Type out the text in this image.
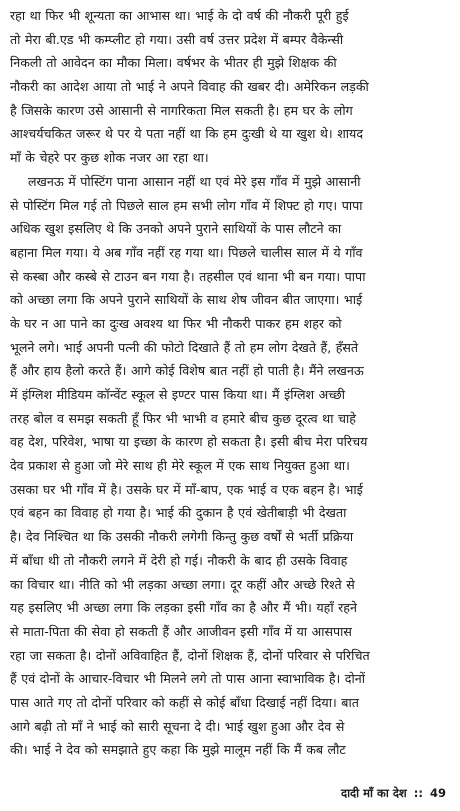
रहा था फिर भी शून्यता का आभास था। भाई के दो वर्ष की नौकरी पूरी हुई
तो मेरा बी.एड भी कम्प्लीट हो गया। उसी वर्ष उत्तर प्रदेश में बम्पर वैकेन्सी
निकली तो आवेदन का मौका मिला। वर्षभर के भीतर ही मुझे शिक्षक की
नौकरी का आदेश आया तो भाई ने अपने विवाह की खबर दी। अमेरिकन लड़की
है जिसके कारण उसे आसानी से नागरिकता मिल सकती है। हम घर के लोग
आश्चर्यचकित जरूर थे पर ये पता नहीं था कि हम दुःखी थे या खुश थे। शायद
माँ के चेहरे पर कुछ शोक नजर आ रहा था।
लखनऊ में पोस्टिंग पाना आसान नहीं था एवं मेरे इस गाँव में मुझे आसानी
से पोस्टिंग मिल गई तो पिछले साल हम सभी लोग गाँव में शिफ्ट हो गए। पापा
अधिक खुश इसलिए थे कि उनको अपने पुराने साथियों के पास लौटने का
बहाना मिल गया। ये अब गाँव नहीं रह गया था। पिछले चालीस साल में ये गाँव
से कस्बा और कस्बे से टाउन बन गया है। तहसील एवं थाना भी बन गया। पापा
को अच्छा लगा कि अपने पुराने साथियों के साथ शेष जीवन बीत जाएगा। भाई
के घर न आ पाने का दुःख अवश्य था फिर भी नौकरी पाकर हम शहर को
भूलने लगे। भाई अपनी पत्नी की फोटो दिखाते हैं तो हम लोग देखते हैं, हँसते
हैं और हाय हैलो करते हैं। आगे कोई विशेष बात नहीं हो पाती है। मैंने लखनऊ
में इंग्लिश मीडियम कॉन्वेंट स्कूल से इण्टर पास किया था। मैं इंग्लिश अच्छी
तरह बोल व समझ सकती हूँ फिर भी भाभी व हमारे बीच कुछ दूरत्व था चाहे
वह देश, परिवेश, भाषा या इच्छा के कारण हो सकता है। इसी बीच मेरा परिचय
देव प्रकाश से हुआ जो मेरे साथ ही मेरे स्कूल में एक साथ नियुक्त हुआ था।
उसका घर भी गाँव में है। उसके घर में माँ-बाप, एक भाई व एक बहन है। भाई
एवं बहन का विवाह हो गया है। भाई की दुकान है एवं खेतीबाड़ी भी देखता
है। देव निश्चित था कि उसकी नौकरी लगेगी किन्तु कुछ वर्षों से भर्ती प्रक्रिया
में बाँधा थी तो नौकरी लगने में देरी हो गई। नौकरी के बाद ही उसके विवाह
का विचार था। नीति को भी लड़का अच्छा लगा। दूर कहीं और अच्छे रिश्ते से
यह इसलिए भी अच्छा लगा कि लड़का इसी गाँव का है और मैं भी। यहाँ रहने
से माता-पिता की सेवा हो सकती हैं और आजीवन इसी गाँव में या आसपास
रहा जा सकता है। दोनों अविवाहित हैं, दोनों शिक्षक हैं, दोनों परिवार से परिचित
हैं एवं दोनों के आचार-विचार भी मिलने लगे तो पास आना स्वाभाविक है। दोनों
पास आते गए तो दोनों परिवार को कहीं से कोई बाँधा दिखाई नहीं दिया। बात
आगे बढ़ी तो माँ ने भाई को सारी सूचना दे दी। भाई खुश हुआ और देव से
की। भाई ने देव को समझाते हुए कहा कि मुझे मालूम नहीं कि मैं कब लौट
दादी माँ का देश :: 49
